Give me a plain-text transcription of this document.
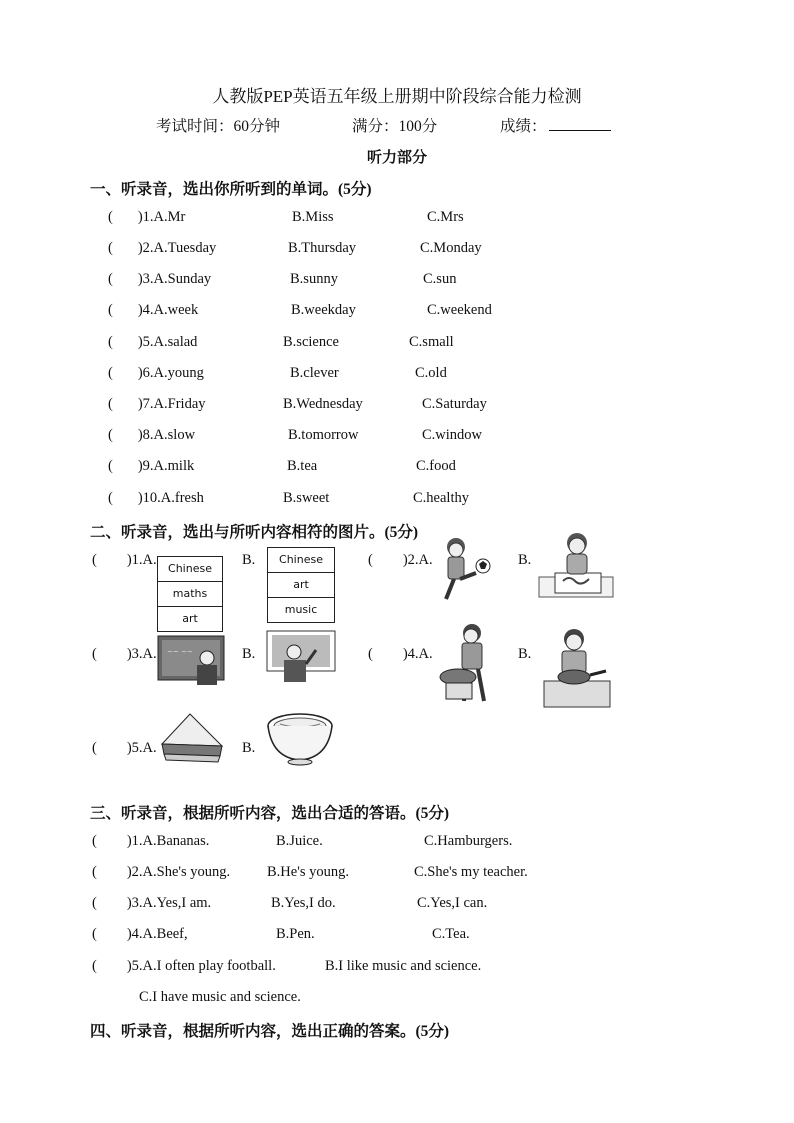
人教版PEP英语五年级上册期中阶段综合能力检测
考试时间：60分钟	满分：100分	成绩：
听力部分
一、听录音，选出你所听到的单词。(5分)
( )1.A.Mr	B.Miss	C.Mrs
( )2.A.Tuesday	B.Thursday	C.Monday
( )3.A.Sunday	B.sunny	C.sun
( )4.A.week	B.weekday	C.weekend
( )5.A.salad	B.science	C.small
( )6.A.young	B.clever	C.old
( )7.A.Friday	B.Wednesday	C.Saturday
( )8.A.slow	B.tomorrow	C.window
( )9.A.milk	B.tea	C.food
( )10.A.fresh	B.sweet	C.healthy
二、听录音，选出与所听内容相符的图片。(5分)
( )1.A.
Chinese
maths
art
B.	Chinese
art
music
( )2.A.	B.
( )3.A. ~~ ~~	B.	( )4.A.	B.
( )5.A.	B.
三、听录音，根据所听内容，选出合适的答语。(5分)
( )1.A.Bananas.	B.Juice.	C.Hamburgers.
( )2.A.She's young.	B.He's young.	C.She's my teacher.
( )3.A.Yes,I am.	B.Yes,I do.	C.Yes,I can.
( )4.A.Beef,	B.Pen.	C.Tea.
( )5.A.I often play football.	B.I like music and science.
C.I have music and science.
四、听录音，根据所听内容，选出正确的答案。(5分)
